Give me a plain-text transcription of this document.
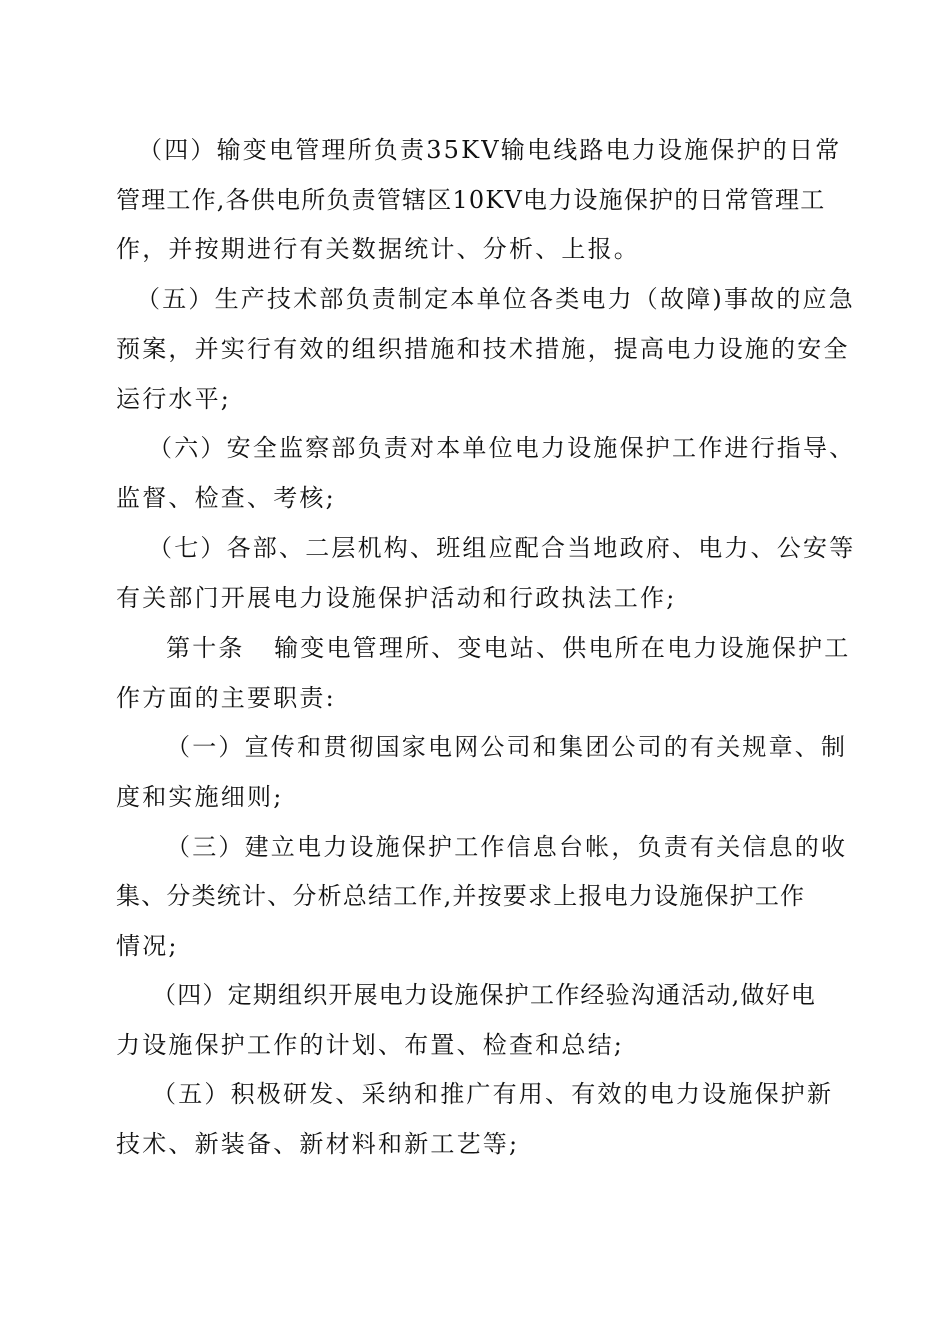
（四）输变电管理所负责35KV输电线路电力设施保护的日常
管理工作,各供电所负责管辖区10KV电力设施保护的日常管理工
作，并按期进行有关数据统计、分析、上报。
（五）生产技术部负责制定本单位各类电力（故障)事故的应急
预案，并实行有效的组织措施和技术措施，提高电力设施的安全
运行水平;
（六）安全监察部负责对本单位电力设施保护工作进行指导、
监督、检查、考核;
（七）各部、二层机构、班组应配合当地政府、电力、公安等
有关部门开展电力设施保护活动和行政执法工作;
第十条   输变电管理所、变电站、供电所在电力设施保护工
作方面的主要职责:
（一）宣传和贯彻国家电网公司和集团公司的有关规章、制
度和实施细则;
（三）建立电力设施保护工作信息台帐，负责有关信息的收
集、分类统计、分析总结工作,并按要求上报电力设施保护工作
情况;
（四）定期组织开展电力设施保护工作经验沟通活动,做好电
力设施保护工作的计划、布置、检查和总结;
（五）积极研发、采纳和推广有用、有效的电力设施保护新
技术、新装备、新材料和新工艺等;
